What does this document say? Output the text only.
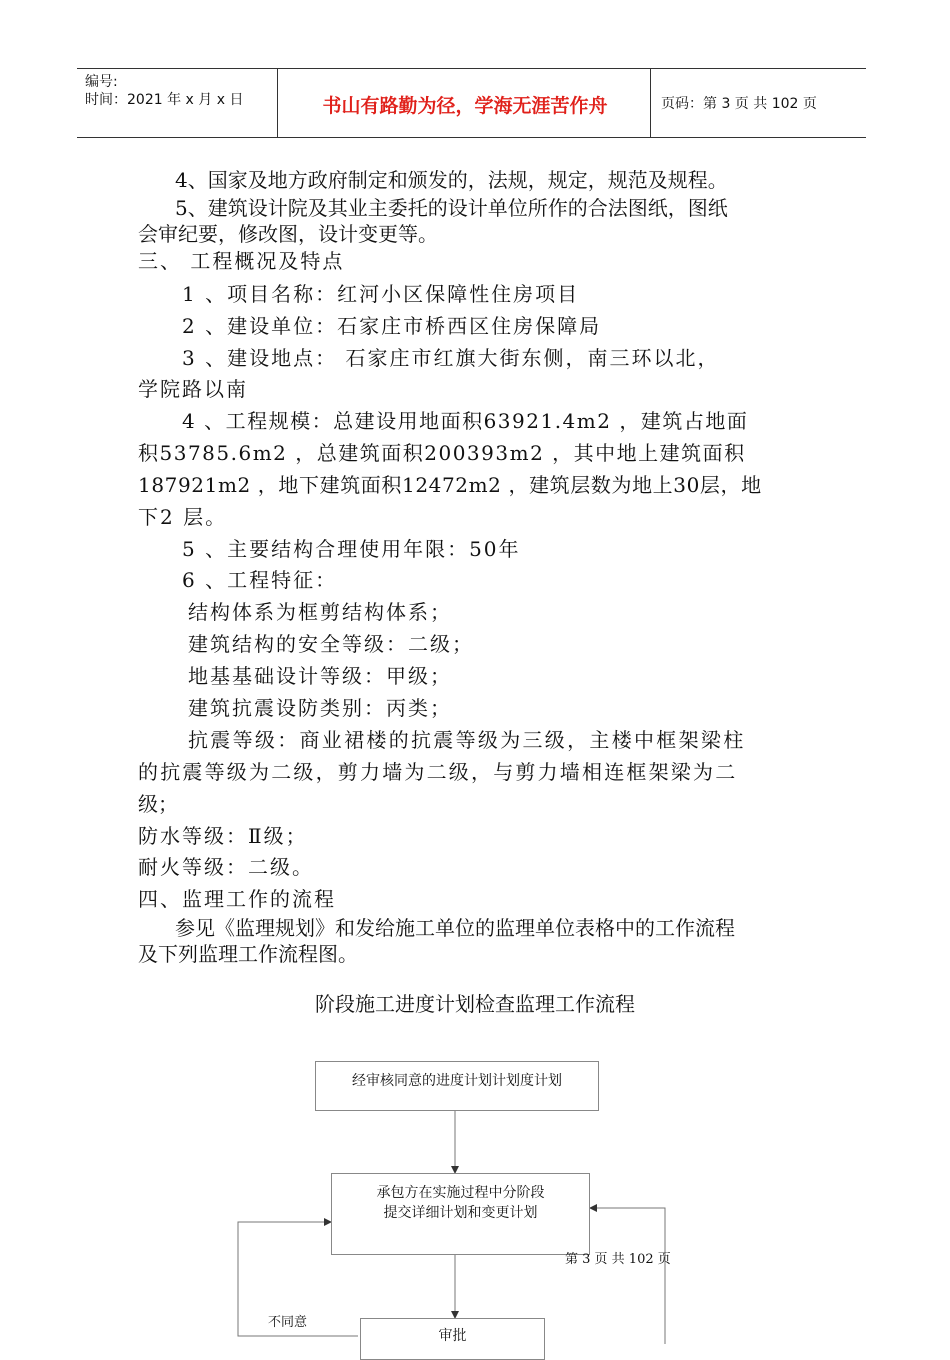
编号:
时间：2021 年 x 月 x 日	书山有路勤为径，学海无涯苦作舟	页码：第 3 页 共 102 页
4、国家及地方政府制定和颁发的，法规，规定，规范及规程。
5、建筑设计院及其业主委托的设计单位所作的合法图纸，图纸
会审纪要，修改图，设计变更等。
三、 工程概况及特点
1 、项目名称：红河小区保障性住房项目
2 、建设单位：石家庄市桥西区住房保障局
3 、建设地点： 石家庄市红旗大街东侧，南三环以北，
学院路以南
4 、工程规模：总建设用地面积63921.4m2 ，建筑占地面
积53785.6m2 ，总建筑面积200393m2 ，其中地上建筑面积
187921m2 ，地下建筑面积12472m2 ，建筑层数为地上30层，地
下2 层。
5 、主要结构合理使用年限：50年
6 、工程特征：
结构体系为框剪结构体系；
建筑结构的安全等级：二级；
地基基础设计等级：甲级；
建筑抗震设防类别：丙类；
抗震等级：商业裙楼的抗震等级为三级，主楼中框架梁柱
的抗震等级为二级，剪力墙为二级，与剪力墙相连框架梁为二
级；
防水等级：Ⅱ级；
耐火等级：二级。
四、监理工作的流程
参见《监理规划》和发给施工单位的监理单位表格中的工作流程
及下列监理工作流程图。
阶段施工进度计划检查监理工作流程
经审核同意的进度计划计划度计划
承包方在实施过程中分阶段
提交详细计划和变更计划
审批
不同意
第 3 页 共 102 页
